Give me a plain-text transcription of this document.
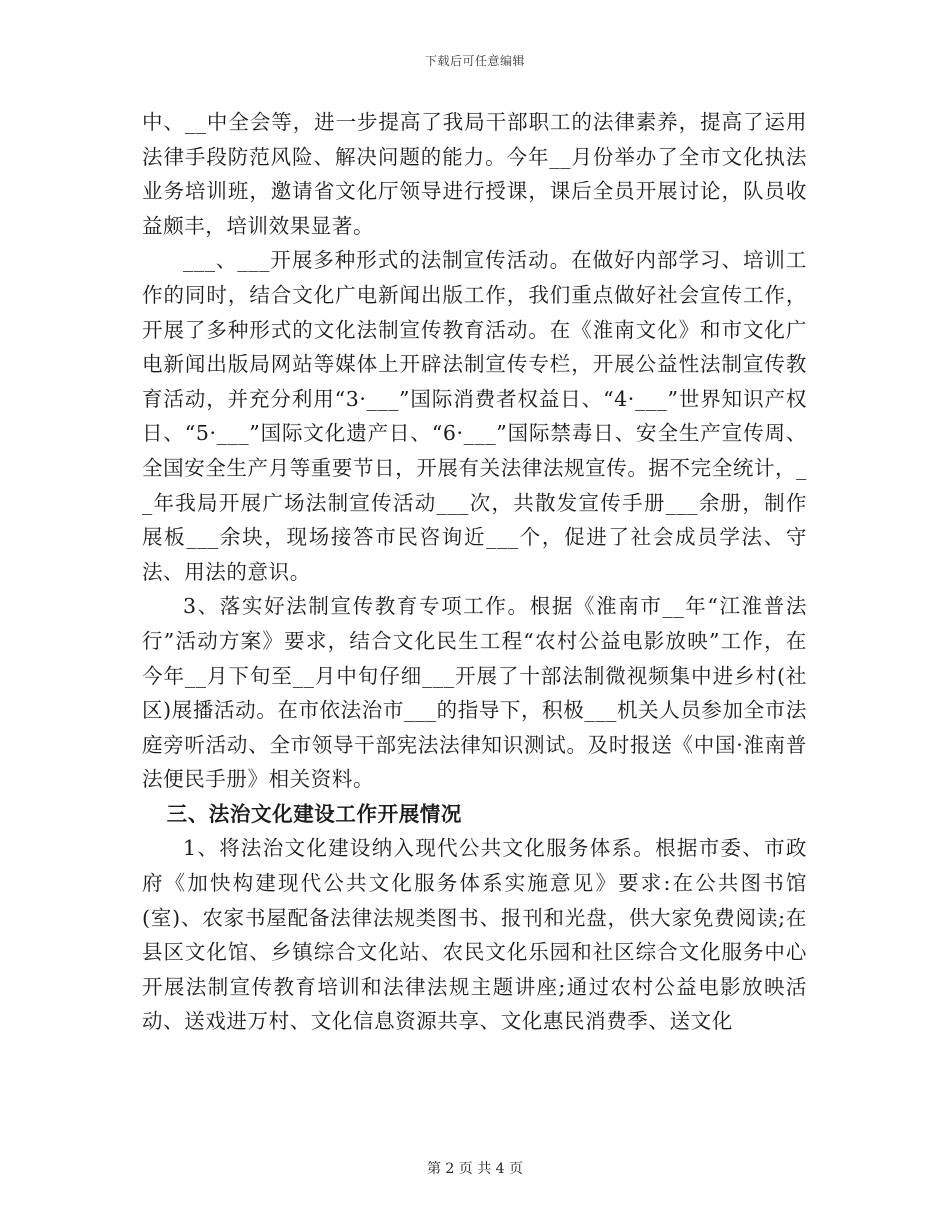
下载后可任意编辑

中、__中全会等，进一步提高了我局干部职工的法律素养，提高了运用法律手段防范风险、解决问题的能力。今年__月份举办了全市文化执法业务培训班，邀请省文化厅领导进行授课，课后全员开展讨论，队员收益颇丰，培训效果显著。

___、___开展多种形式的法制宣传活动。在做好内部学习、培训工作的同时，结合文化广电新闻出版工作，我们重点做好社会宣传工作，开展了多种形式的文化法制宣传教育活动。在《淮南文化》和市文化广电新闻出版局网站等媒体上开辟法制宣传专栏，开展公益性法制宣传教育活动，并充分利用“3·___”国际消费者权益日、“4·___”世界知识产权日、“5·___”国际文化遗产日、“6·___”国际禁毒日、安全生产宣传周、全国安全生产月等重要节日，开展有关法律法规宣传。据不完全统计，__年我局开展广场法制宣传活动___次，共散发宣传手册___余册，制作展板___余块，现场接答市民咨询近___个，促进了社会成员学法、守法、用法的意识。

3、落实好法制宣传教育专项工作。根据《淮南市__年“江淮普法行”活动方案》要求，结合文化民生工程“农村公益电影放映”工作，在今年__月下旬至__月中旬仔细___开展了十部法制微视频集中进乡村(社区)展播活动。在市依法治市___的指导下，积极___机关人员参加全市法庭旁听活动、全市领导干部宪法法律知识测试。及时报送《中国·淮南普法便民手册》相关资料。

三、法治文化建设工作开展情况

1、将法治文化建设纳入现代公共文化服务体系。根据市委、市政府《加快构建现代公共文化服务体系实施意见》要求:在公共图书馆(室)、农家书屋配备法律法规类图书、报刊和光盘，供大家免费阅读;在县区文化馆、乡镇综合文化站、农民文化乐园和社区综合文化服务中心开展法制宣传教育培训和法律法规主题讲座;通过农村公益电影放映活动、送戏进万村、文化信息资源共享、文化惠民消费季、送文化

第 2 页 共 4 页
